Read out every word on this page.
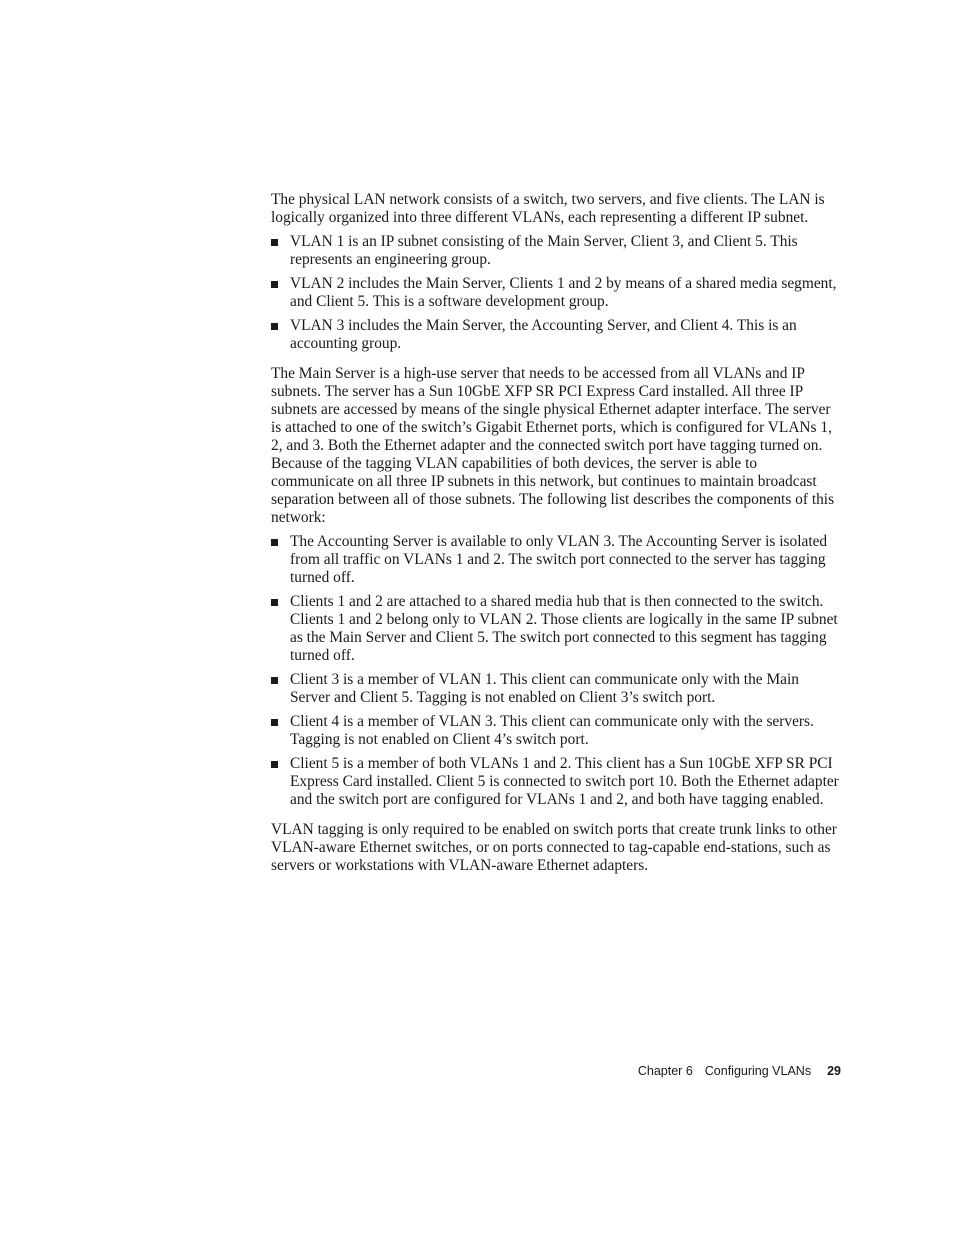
The physical LAN network consists of a switch, two servers, and five clients. The LAN is logically organized into three different VLANs, each representing a different IP subnet.

VLAN 1 is an IP subnet consisting of the Main Server, Client 3, and Client 5. This represents an engineering group.
VLAN 2 includes the Main Server, Clients 1 and 2 by means of a shared media segment, and Client 5. This is a software development group.
VLAN 3 includes the Main Server, the Accounting Server, and Client 4. This is an accounting group.

The Main Server is a high-use server that needs to be accessed from all VLANs and IP subnets. The server has a Sun 10GbE XFP SR PCI Express Card installed. All three IP subnets are accessed by means of the single physical Ethernet adapter interface. The server is attached to one of the switch’s Gigabit Ethernet ports, which is configured for VLANs 1, 2, and 3. Both the Ethernet adapter and the connected switch port have tagging turned on. Because of the tagging VLAN capabilities of both devices, the server is able to communicate on all three IP subnets in this network, but continues to maintain broadcast separation between all of those subnets. The following list describes the components of this network:

The Accounting Server is available to only VLAN 3. The Accounting Server is isolated from all traffic on VLANs 1 and 2. The switch port connected to the server has tagging turned off.
Clients 1 and 2 are attached to a shared media hub that is then connected to the switch. Clients 1 and 2 belong only to VLAN 2. Those clients are logically in the same IP subnet as the Main Server and Client 5. The switch port connected to this segment has tagging turned off.
Client 3 is a member of VLAN 1. This client can communicate only with the Main Server and Client 5. Tagging is not enabled on Client 3’s switch port.
Client 4 is a member of VLAN 3. This client can communicate only with the servers. Tagging is not enabled on Client 4’s switch port.
Client 5 is a member of both VLANs 1 and 2. This client has a Sun 10GbE XFP SR PCI Express Card installed. Client 5 is connected to switch port 10. Both the Ethernet adapter and the switch port are configured for VLANs 1 and 2, and both have tagging enabled.

VLAN tagging is only required to be enabled on switch ports that create trunk links to other VLAN-aware Ethernet switches, or on ports connected to tag-capable end-stations, such as servers or workstations with VLAN-aware Ethernet adapters.

Chapter 6 Configuring VLANs 29
